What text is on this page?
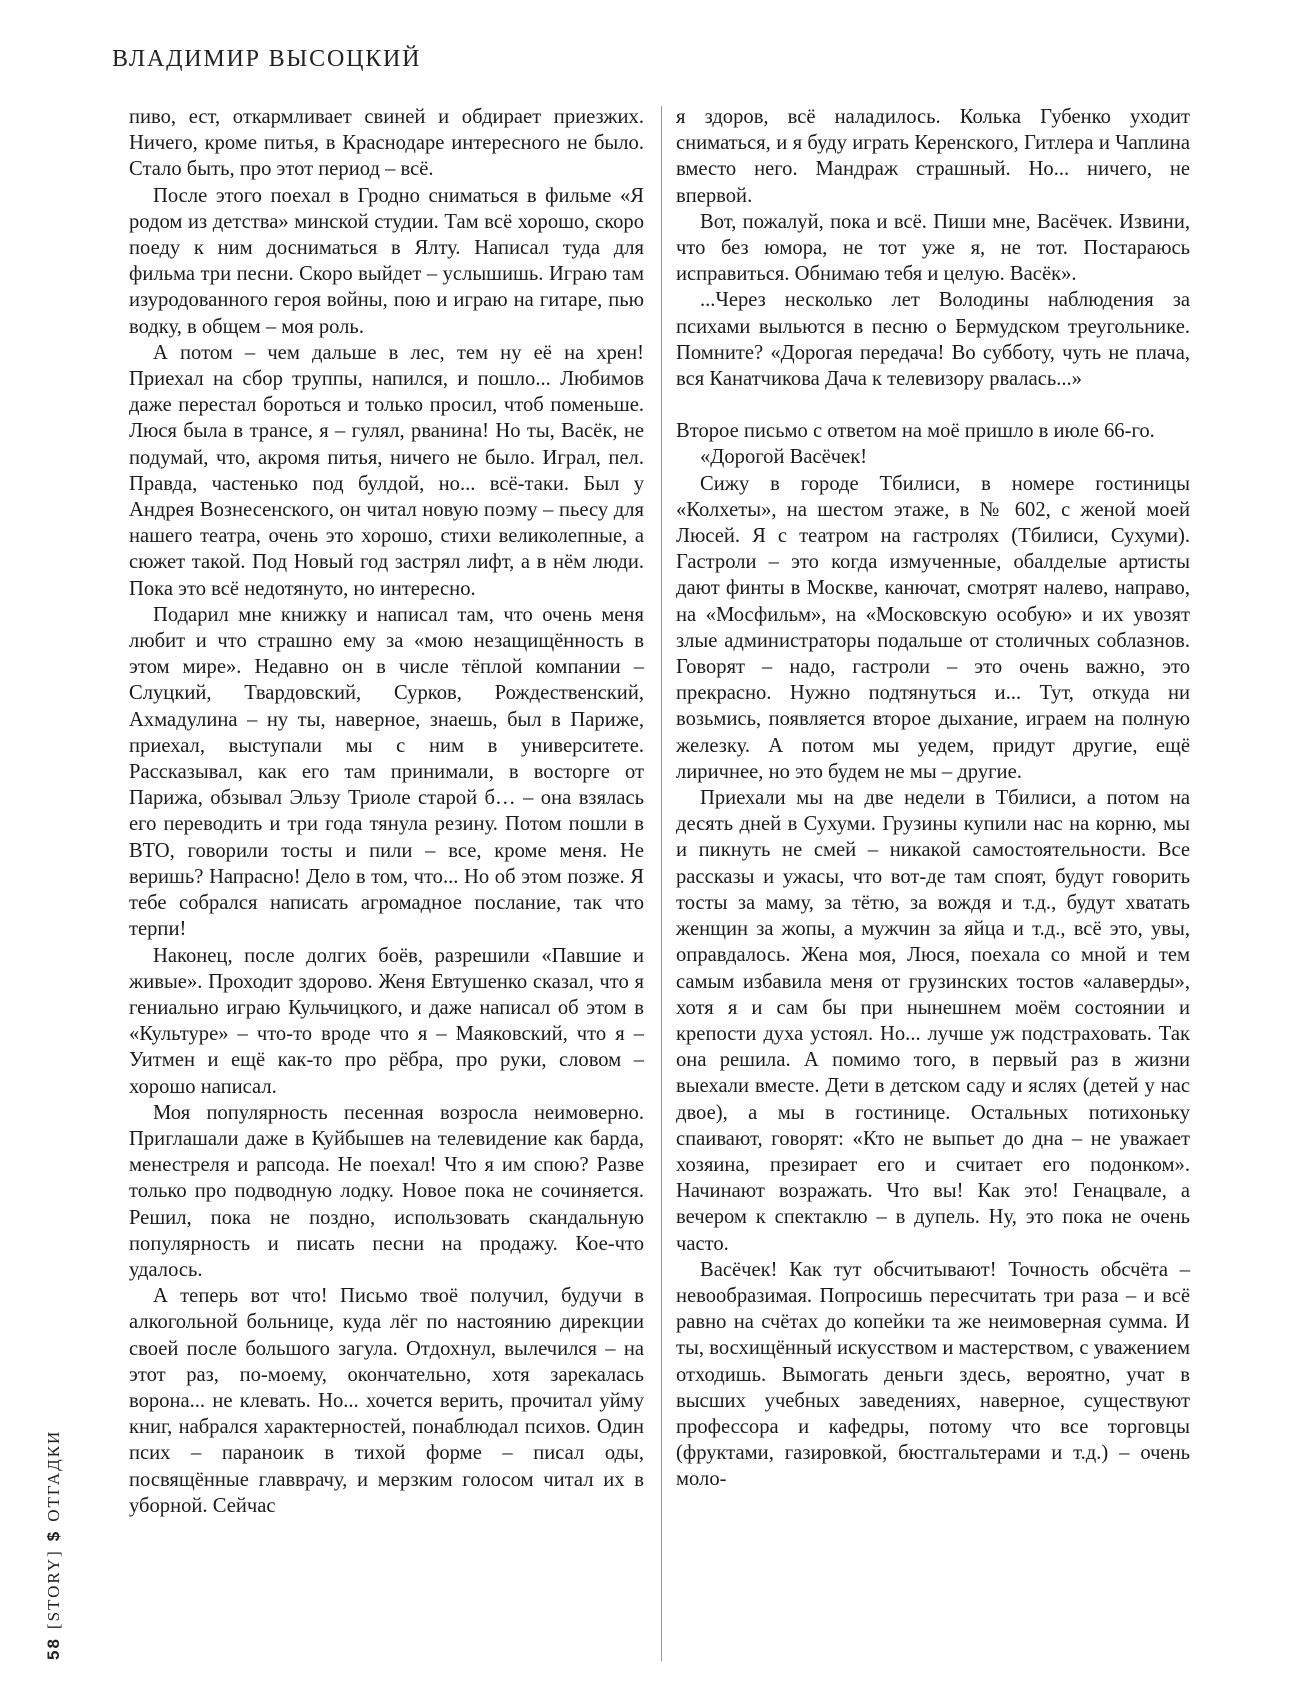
ВЛАДИМИР ВЫСОЦКИЙ

пиво, ест, откармливает свиней и обдирает приезжих. Ничего, кроме питья, в Краснодаре интересного не было. Стало быть, про этот период – всё.

После этого поехал в Гродно сниматься в фильме «Я родом из детства» минской студии. Там всё хорошо, скоро поеду к ним досниматься в Ялту. Написал туда для фильма три песни. Скоро выйдет – услышишь. Играю там изуродованного героя войны, пою и играю на гитаре, пью водку, в общем – моя роль.

А потом – чем дальше в лес, тем ну её на хрен! Приехал на сбор труппы, напился, и пошло... Любимов даже перестал бороться и только просил, чтоб поменьше. Люся была в трансе, я – гулял, рванина! Но ты, Васёк, не подумай, что, акромя питья, ничего не было. Играл, пел. Правда, частенько под булдой, но... всё-таки. Был у Андрея Вознесенского, он читал новую поэму – пьесу для нашего театра, очень это хорошо, стихи великолепные, а сюжет такой. Под Новый год застрял лифт, а в нём люди. Пока это всё недотянуто, но интересно.

Подарил мне книжку и написал там, что очень меня любит и что страшно ему за «мою незащищённость в этом мире». Недавно он в числе тёплой компании – Слуцкий, Твардовский, Сурков, Рождественский, Ахмадулина – ну ты, наверное, знаешь, был в Париже, приехал, выступали мы с ним в университете. Рассказывал, как его там принимали, в восторге от Парижа, обзывал Эльзу Триоле старой б… – она взялась его переводить и три года тянула резину. Потом пошли в ВТО, говорили тосты и пили – все, кроме меня. Не веришь? Напрасно! Дело в том, что... Но об этом позже. Я тебе собрался написать агромадное послание, так что терпи!

Наконец, после долгих боёв, разрешили «Павшие и живые». Проходит здорово. Женя Евтушенко сказал, что я гениально играю Кульчицкого, и даже написал об этом в «Культуре» – что-то вроде что я – Маяковский, что я – Уитмен и ещё как-то про рёбра, про руки, словом – хорошо написал.

Моя популярность песенная возросла неимоверно. Приглашали даже в Куйбышев на телевидение как барда, менестреля и рапсода. Не поехал! Что я им спою? Разве только про подводную лодку. Новое пока не сочиняется. Решил, пока не поздно, использовать скандальную популярность и писать песни на продажу. Кое-что удалось.

А теперь вот что! Письмо твоё получил, будучи в алкогольной больнице, куда лёг по настоянию дирекции своей после большого загула. Отдохнул, вылечился – на этот раз, по-моему, окончательно, хотя зарекалась ворона... не клевать. Но... хочется верить, прочитал уйму книг, набрался характерностей, понаблюдал психов. Один псих – параноик в тихой форме – писал оды, посвящённые главврачу, и мерзким голосом читал их в уборной. Сейчас

я здоров, всё наладилось. Колька Губенко уходит сниматься, и я буду играть Керенского, Гитлера и Чаплина вместо него. Мандраж страшный. Но... ничего, не впервой.

Вот, пожалуй, пока и всё. Пиши мне, Васёчек. Извини, что без юмора, не тот уже я, не тот. Постараюсь исправиться. Обнимаю тебя и целую. Васёк».

...Через несколько лет Володины наблюдения за психами выльются в песню о Бермудском треугольнике. Помните? «Дорогая передача! Во субботу, чуть не плача, вся Канатчикова Дача к телевизору рвалась...»

Второе письмо с ответом на моё пришло в июле 66-го.

«Дорогой Васёчек!

Сижу в городе Тбилиси, в номере гостиницы «Колхеты», на шестом этаже, в № 602, с женой моей Люсей. Я с театром на гастролях (Тбилиси, Сухуми). Гастроли – это когда измученные, обалделые артисты дают финты в Москве, канючат, смотрят налево, направо, на «Мосфильм», на «Московскую особую» и их увозят злые администраторы подальше от столичных соблазнов. Говорят – надо, гастроли – это очень важно, это прекрасно. Нужно подтянуться и... Тут, откуда ни возьмись, появляется второе дыхание, играем на полную железку. А потом мы уедем, придут другие, ещё лиричнее, но это будем не мы – другие.

Приехали мы на две недели в Тбилиси, а потом на десять дней в Сухуми. Грузины купили нас на корню, мы и пикнуть не смей – никакой самостоятельности. Все рассказы и ужасы, что вот-де там споят, будут говорить тосты за маму, за тётю, за вождя и т.д., будут хватать женщин за жопы, а мужчин за яйца и т.д., всё это, увы, оправдалось. Жена моя, Люся, поехала со мной и тем самым избавила меня от грузинских тостов «алаверды», хотя я и сам бы при нынешнем моём состоянии и крепости духа устоял. Но... лучше уж подстраховать. Так она решила. А помимо того, в первый раз в жизни выехали вместе. Дети в детском саду и яслях (детей у нас двое), а мы в гостинице. Остальных потихоньку спаивают, говорят: «Кто не выпьет до дна – не уважает хозяина, презирает его и считает его подонком». Начинают возражать. Что вы! Как это! Генацвале, а вечером к спектаклю – в дупель. Ну, это пока не очень часто.

Васёчек! Как тут обсчитывают! Точность обсчёта – невообразимая. Попросишь пересчитать три раза – и всё равно на счётах до копейки та же неимоверная сумма. И ты, восхищённый искусством и мастерством, с уважением отходишь. Вымогать деньги здесь, вероятно, учат в высших учебных заведениях, наверное, существуют профессора и кафедры, потому что все торговцы (фруктами, газировкой, бюстгальтерами и т.д.) – очень моло-

58[STORY]$ОТГАДКИ
